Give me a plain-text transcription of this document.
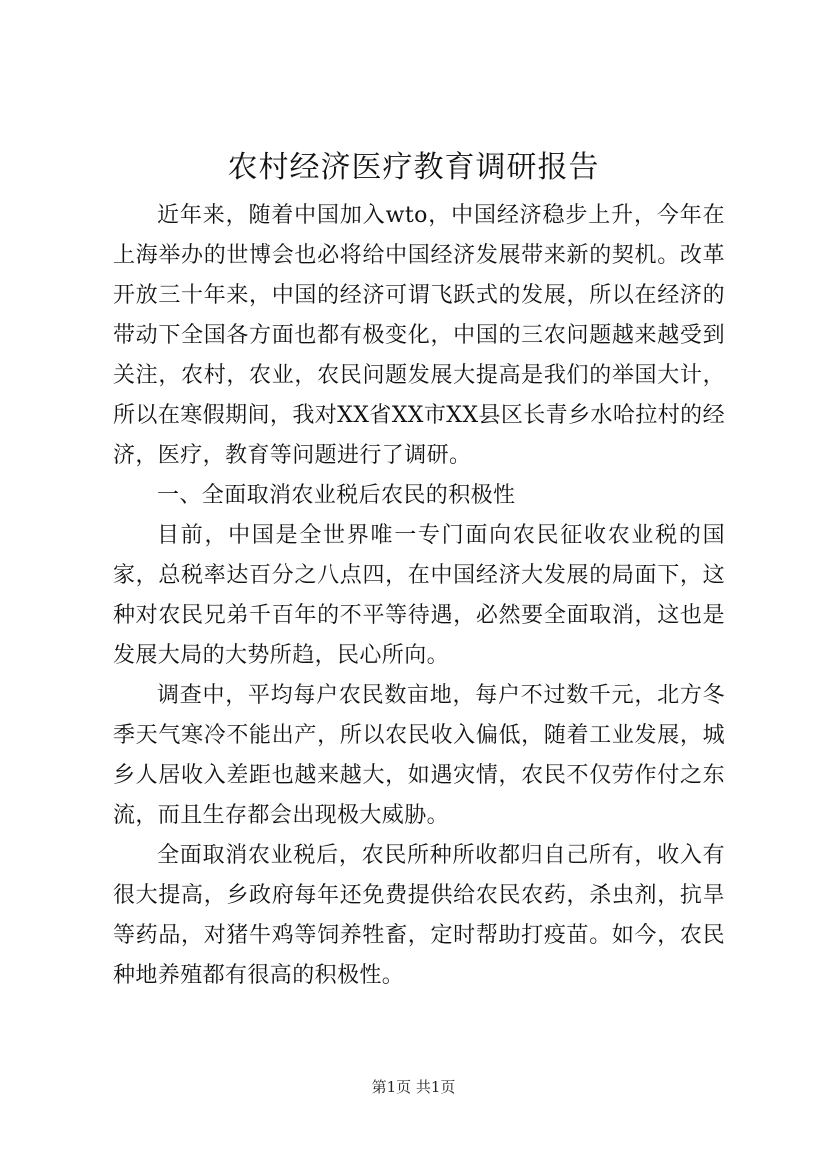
农村经济医疗教育调研报告

近年来，随着中国加入wto，中国经济稳步上升，今年在上海举办的世博会也必将给中国经济发展带来新的契机。改革开放三十年来，中国的经济可谓飞跃式的发展，所以在经济的带动下全国各方面也都有极变化，中国的三农问题越来越受到关注，农村，农业，农民问题发展大提高是我们的举国大计，所以在寒假期间，我对XX省XX市XX县区长青乡水哈拉村的经济，医疗，教育等问题进行了调研。

一、全面取消农业税后农民的积极性

目前，中国是全世界唯一专门面向农民征收农业税的国家，总税率达百分之八点四，在中国经济大发展的局面下，这种对农民兄弟千百年的不平等待遇，必然要全面取消，这也是发展大局的大势所趋，民心所向。

调查中，平均每户农民数亩地，每户不过数千元，北方冬季天气寒冷不能出产，所以农民收入偏低，随着工业发展，城乡人居收入差距也越来越大，如遇灾情，农民不仅劳作付之东流，而且生存都会出现极大威胁。

全面取消农业税后，农民所种所收都归自己所有，收入有很大提高，乡政府每年还免费提供给农民农药，杀虫剂，抗旱等药品，对猪牛鸡等饲养牲畜，定时帮助打疫苗。如今，农民种地养殖都有很高的积极性。

第1页 共1页
